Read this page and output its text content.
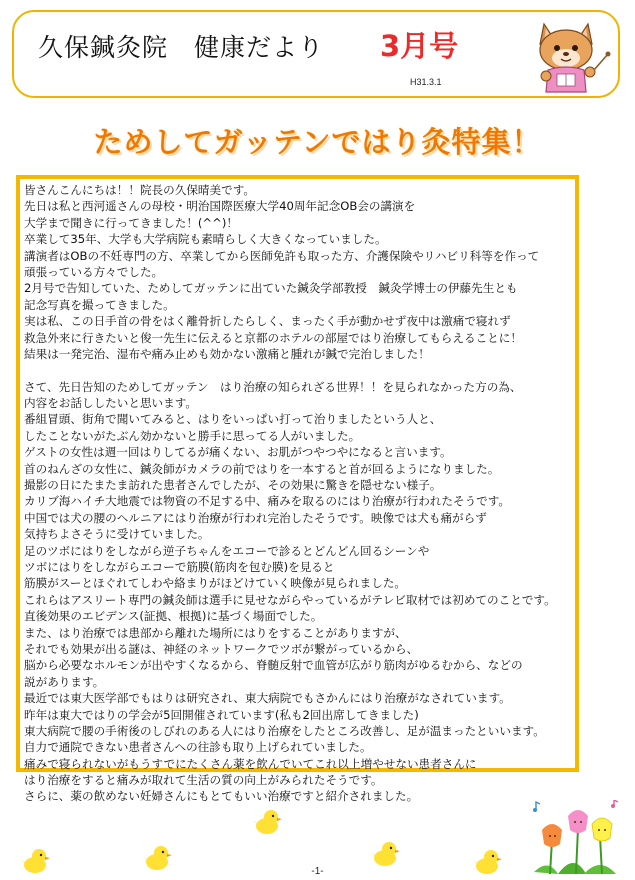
久保鍼灸院　健康だより 3月号
H31.3.1
ためしてガッテンではり灸特集！
皆さんこんにちは！！院長の久保晴美です。
先日は私と西河遥さんの母校・明治国際医療大学40周年記念OB会の講演を
大学まで聞きに行ってきました！(^^)！
卒業して35年、大学も大学病院も素晴らしく大きくなっていました。
講演者はOBの不妊専門の方、卒業してから医師免許も取った方、介護保険やリハビリ科等を作って
頑張っている方々でした。
2月号で告知していた、ためしてガッテンに出ていた鍼灸学部教授　鍼灸学博士の伊藤先生とも
記念写真を撮ってきました。
実は私、この日手首の骨をはく離骨折したらしく、まったく手が動かせず夜中は激痛で寝れず
救急外来に行きたいと俊一先生に伝えると京都のホテルの部屋ではり治療してもらえることに！
結果は一発完治、湿布や痛み止めも効かない激痛と腫れが鍼で完治しました！
さて、先日告知のためしてガッテン　はり治療の知られざる世界！！を見られなかった方の為、
内容をお話ししたいと思います。
番組冒頭、街角で聞いてみると、はりをいっぱい打って治りましたという人と、
したことないがたぶん効かないと勝手に思ってる人がいました。
ゲストの女性は週一回はりしてるが痛くない、お肌がつやつやになると言います。
首のねんざの女性に、鍼灸師がカメラの前ではりを一本すると首が回るようになりました。
撮影の日にたまたま訪れた患者さんでしたが、その効果に驚きを隠せない様子。
カリブ海ハイチ大地震では物資の不足する中、痛みを取るのにはり治療が行われたそうです。
中国では犬の腰のヘルニアにはり治療が行われ完治したそうです。映像では犬も痛がらず
気持ちよさそうに受けていました。
足のツボにはりをしながら逆子ちゃんをエコーで診るとどんどん回るシーンや
ツボにはりをしながらエコーで筋膜(筋肉を包む膜)を見ると
筋膜がスーとほぐれてしわや絡まりがほどけていく映像が見られました。
これらはアスリート専門の鍼灸師は選手に見せながらやっているがテレビ取材では初めてのことです。
直後効果のエビデンス(証拠、根拠)に基づく場面でした。
また、はり治療では患部から離れた場所にはりをすることがありますが、
それでも効果が出る謎は、神経のネットワークでツボが繋がっているから、
脳から必要なホルモンが出やすくなるから、脊髄反射で血管が広がり筋肉がゆるむから、などの
説があります。
最近では東大医学部でもはりは研究され、東大病院でもさかんにはり治療がなされています。
昨年は東大ではりの学会が5回開催されています(私も2回出席してきました)
東大病院で腰の手術後のしびれのある人にはり治療をしたところ改善し、足が温まったといいます。
自力で通院できない患者さんへの往診も取り上げられていました。
痛みで寝られないがもうすでにたくさん薬を飲んでいてこれ以上増やせない患者さんに
はり治療をすると痛みが取れて生活の質の向上がみられたそうです。
さらに、薬の飲めない妊婦さんにもとてもいい治療ですと紹介されました。
-1-
